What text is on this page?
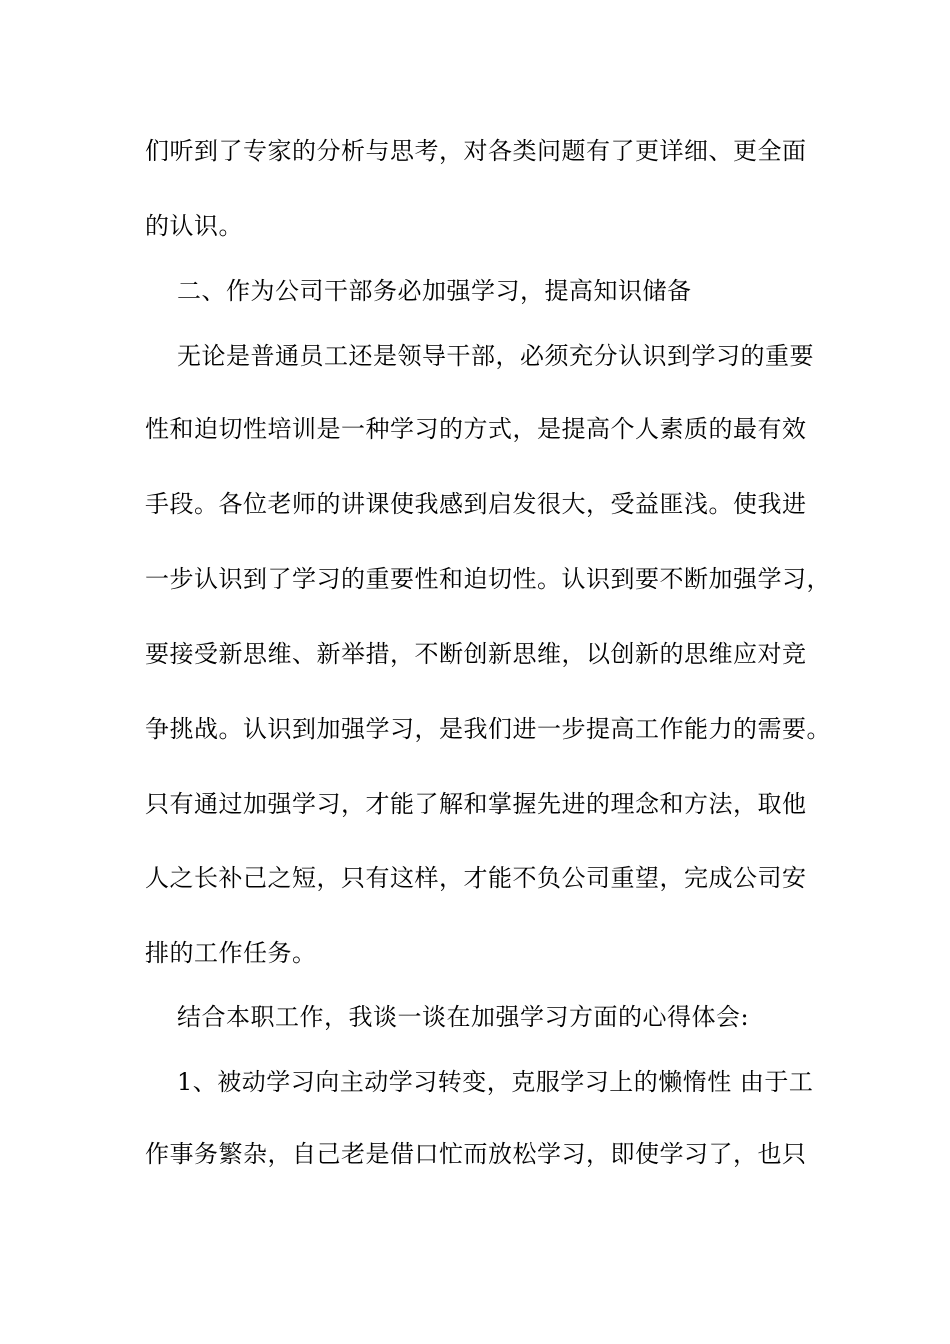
们听到了专家的分析与思考，对各类问题有了更详细、更全面
的认识。
二、作为公司干部务必加强学习，提高知识储备
无论是普通员工还是领导干部，必须充分认识到学习的重要
性和迫切性培训是一种学习的方式，是提高个人素质的最有效
手段。各位老师的讲课使我感到启发很大，受益匪浅。使我进
一步认识到了学习的重要性和迫切性。认识到要不断加强学习，
要接受新思维、新举措，不断创新思维，以创新的思维应对竞
争挑战。认识到加强学习，是我们进一步提高工作能力的需要。
只有通过加强学习，才能了解和掌握先进的理念和方法，取他
人之长补己之短，只有这样，才能不负公司重望，完成公司安
排的工作任务。
结合本职工作，我谈一谈在加强学习方面的心得体会:
1、被动学习向主动学习转变，克服学习上的懒惰性 由于工
作事务繁杂，自己老是借口忙而放松学习，即使学习了，也只
